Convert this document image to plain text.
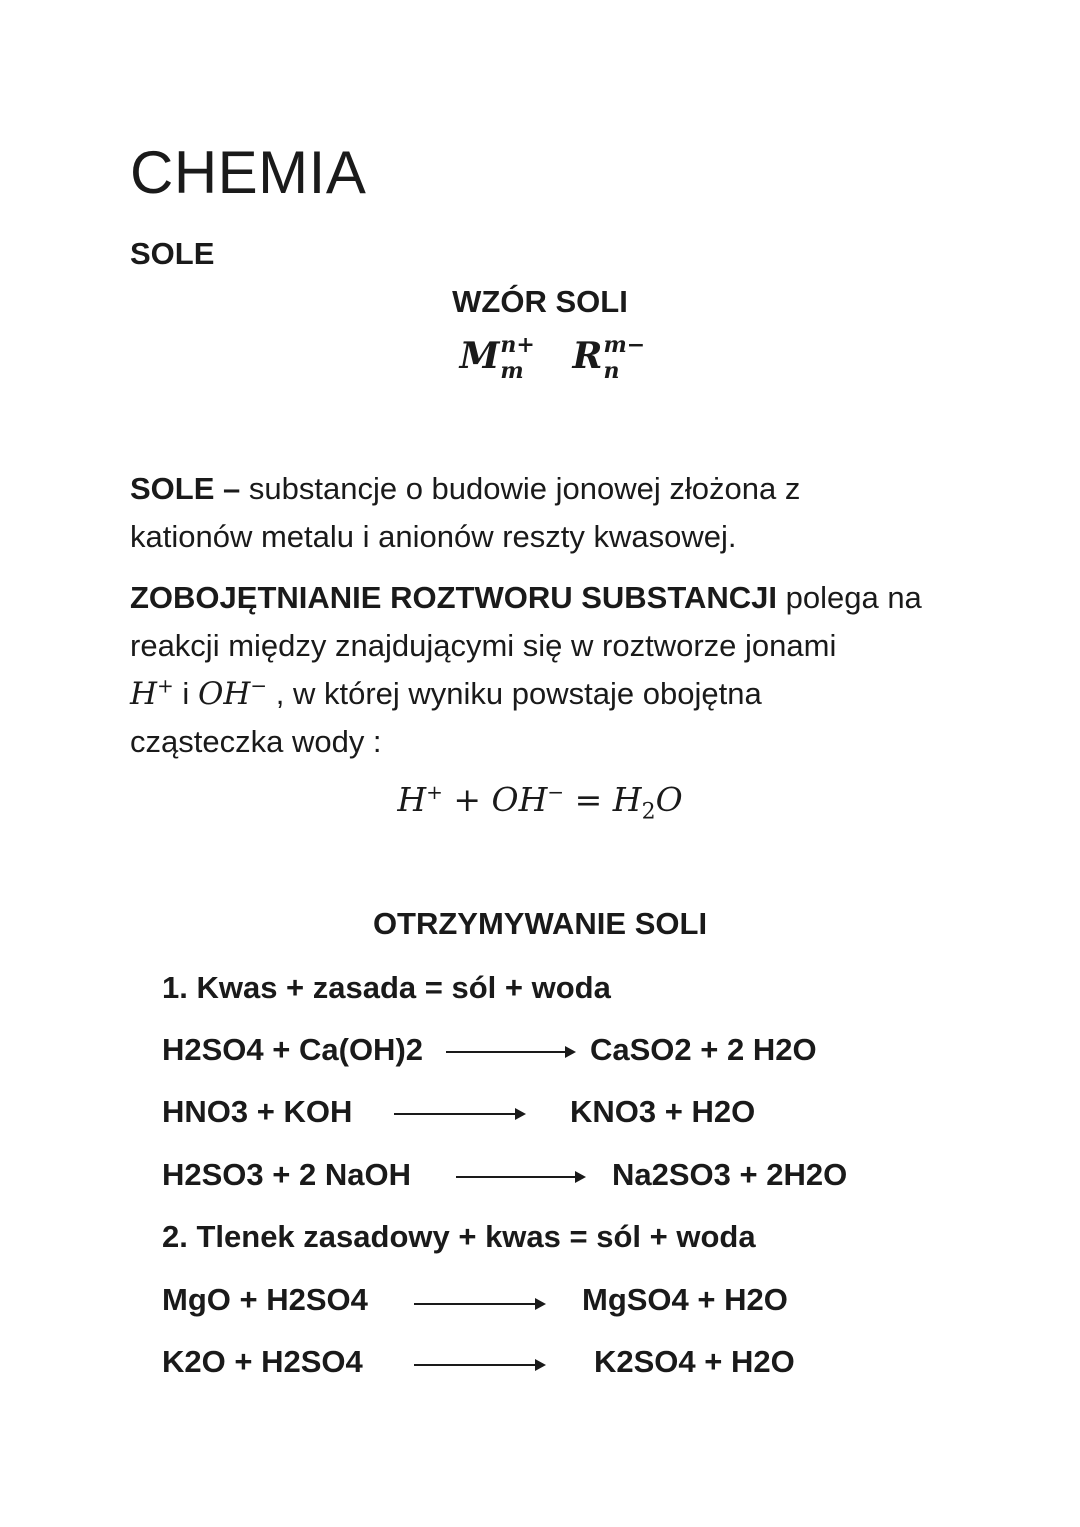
CHEMIA
SOLE
WZÓR SOLI
M n+
m R m−
n
SOLE – substancje o budowie jonowej złożona z
kationów metalu i anionów reszty kwasowej.
ZOBOJĘTNIANIE ROZTWORU SUBSTANCJI polega na
reakcji między znajdującymi się w roztworze jonami
H+ i OH− , w której wyniku powstaje obojętna
cząsteczka wody :
$H^+ + OH^- = H_2O$
OTRZYMYWANIE SOLI
1. Kwas + zasada = sól + woda
H2SO4 + Ca(OH)2	CaSO2 + 2 H2O
HNO3 + KOH	KNO3 + H2O
H2SO3 + 2 NaOH	Na2SO3 + 2H2O
2. Tlenek zasadowy + kwas = sól + woda
MgO + H2SO4	MgSO4 + H2O
K2O + H2SO4	K2SO4 + H2O
